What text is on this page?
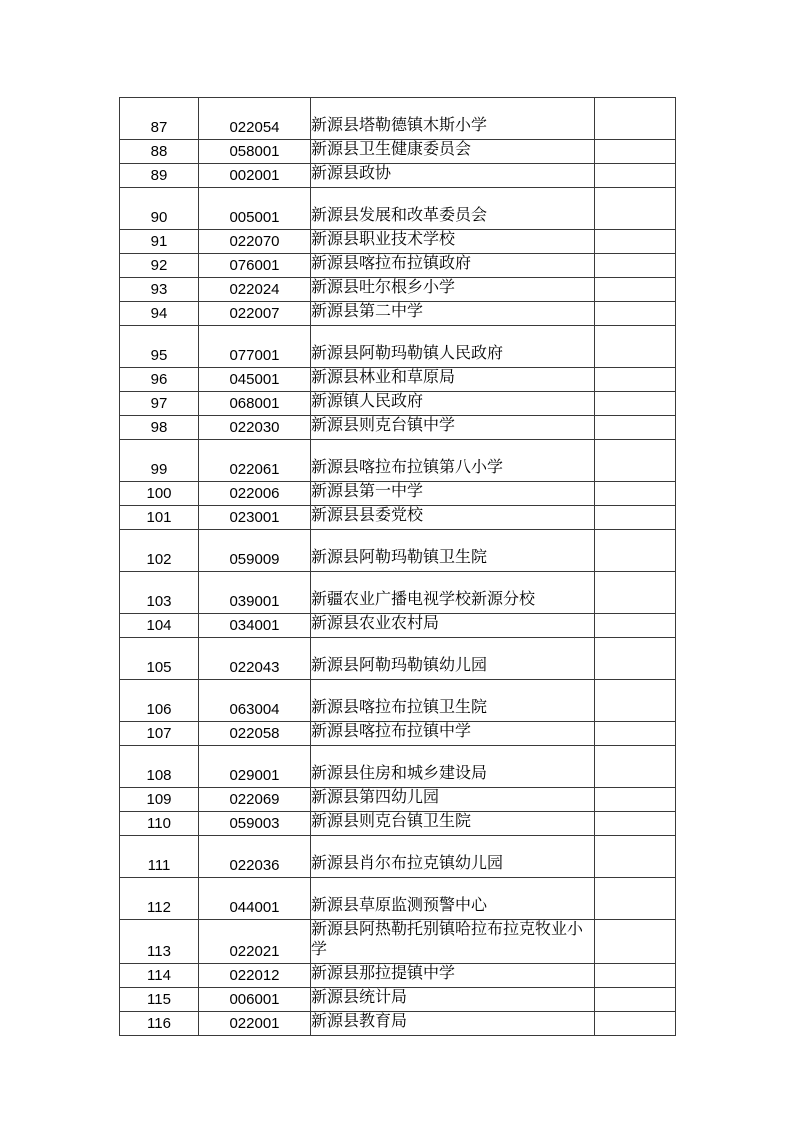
87	022054	新源县塔勒德镇木斯小学	
88	058001	新源县卫生健康委员会	
89	002001	新源县政协	
90	005001	新源县发展和改革委员会	
91	022070	新源县职业技术学校	
92	076001	新源县喀拉布拉镇政府	
93	022024	新源县吐尔根乡小学	
94	022007	新源县第二中学	
95	077001	新源县阿勒玛勒镇人民政府	
96	045001	新源县林业和草原局	
97	068001	新源镇人民政府	
98	022030	新源县则克台镇中学	
99	022061	新源县喀拉布拉镇第八小学	
100	022006	新源县第一中学	
101	023001	新源县县委党校	
102	059009	新源县阿勒玛勒镇卫生院	
103	039001	新疆农业广播电视学校新源分校	
104	034001	新源县农业农村局	
105	022043	新源县阿勒玛勒镇幼儿园	
106	063004	新源县喀拉布拉镇卫生院	
107	022058	新源县喀拉布拉镇中学	
108	029001	新源县住房和城乡建设局	
109	022069	新源县第四幼儿园	
110	059003	新源县则克台镇卫生院	
111	022036	新源县肖尔布拉克镇幼儿园	
112	044001	新源县草原监测预警中心	
113	022021	新源县阿热勒托别镇哈拉布拉克牧业小学	
114	022012	新源县那拉提镇中学	
115	006001	新源县统计局	
116	022001	新源县教育局	
